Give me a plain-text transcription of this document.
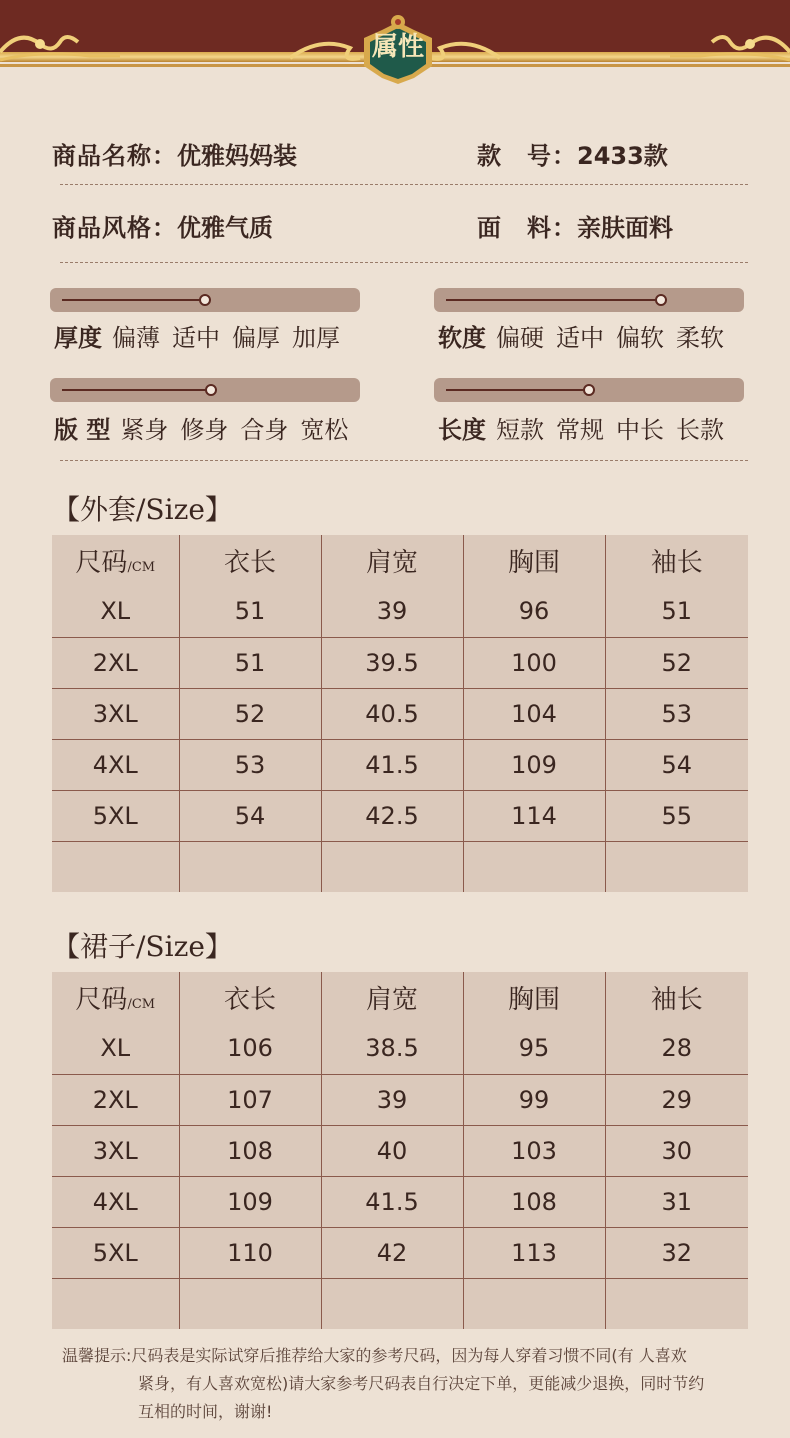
属性
商品名称：优雅妈妈装	款　号：2433款
商品风格：优雅气质	面　料：亲肤面料
厚度 偏薄 适中 偏厚 加厚	软度 偏硬 适中 偏软 柔软
版 型 紧身 修身 合身 宽松	长度 短款 常规 中长 长款
【外套/Size】
尺码/CM	衣长	肩宽	胸围	袖长
XL	51	39	96	51
2XL	51	39.5	100	52
3XL	52	40.5	104	53
4XL	53	41.5	109	54
5XL	54	42.5	114	55

【裙子/Size】
尺码/CM	衣长	肩宽	胸围	袖长
XL	106	38.5	95	28
2XL	107	39	99	29
3XL	108	40	103	30
4XL	109	41.5	108	31
5XL	110	42	113	32

温馨提示:尺码表是实际试穿后推荐给大家的参考尺码，因为每人穿着习惯不同(有 人喜欢
紧身，有人喜欢宽松)请大家参考尺码表自行决定下单，更能减少退换，同时节约
互相的时间，谢谢!
